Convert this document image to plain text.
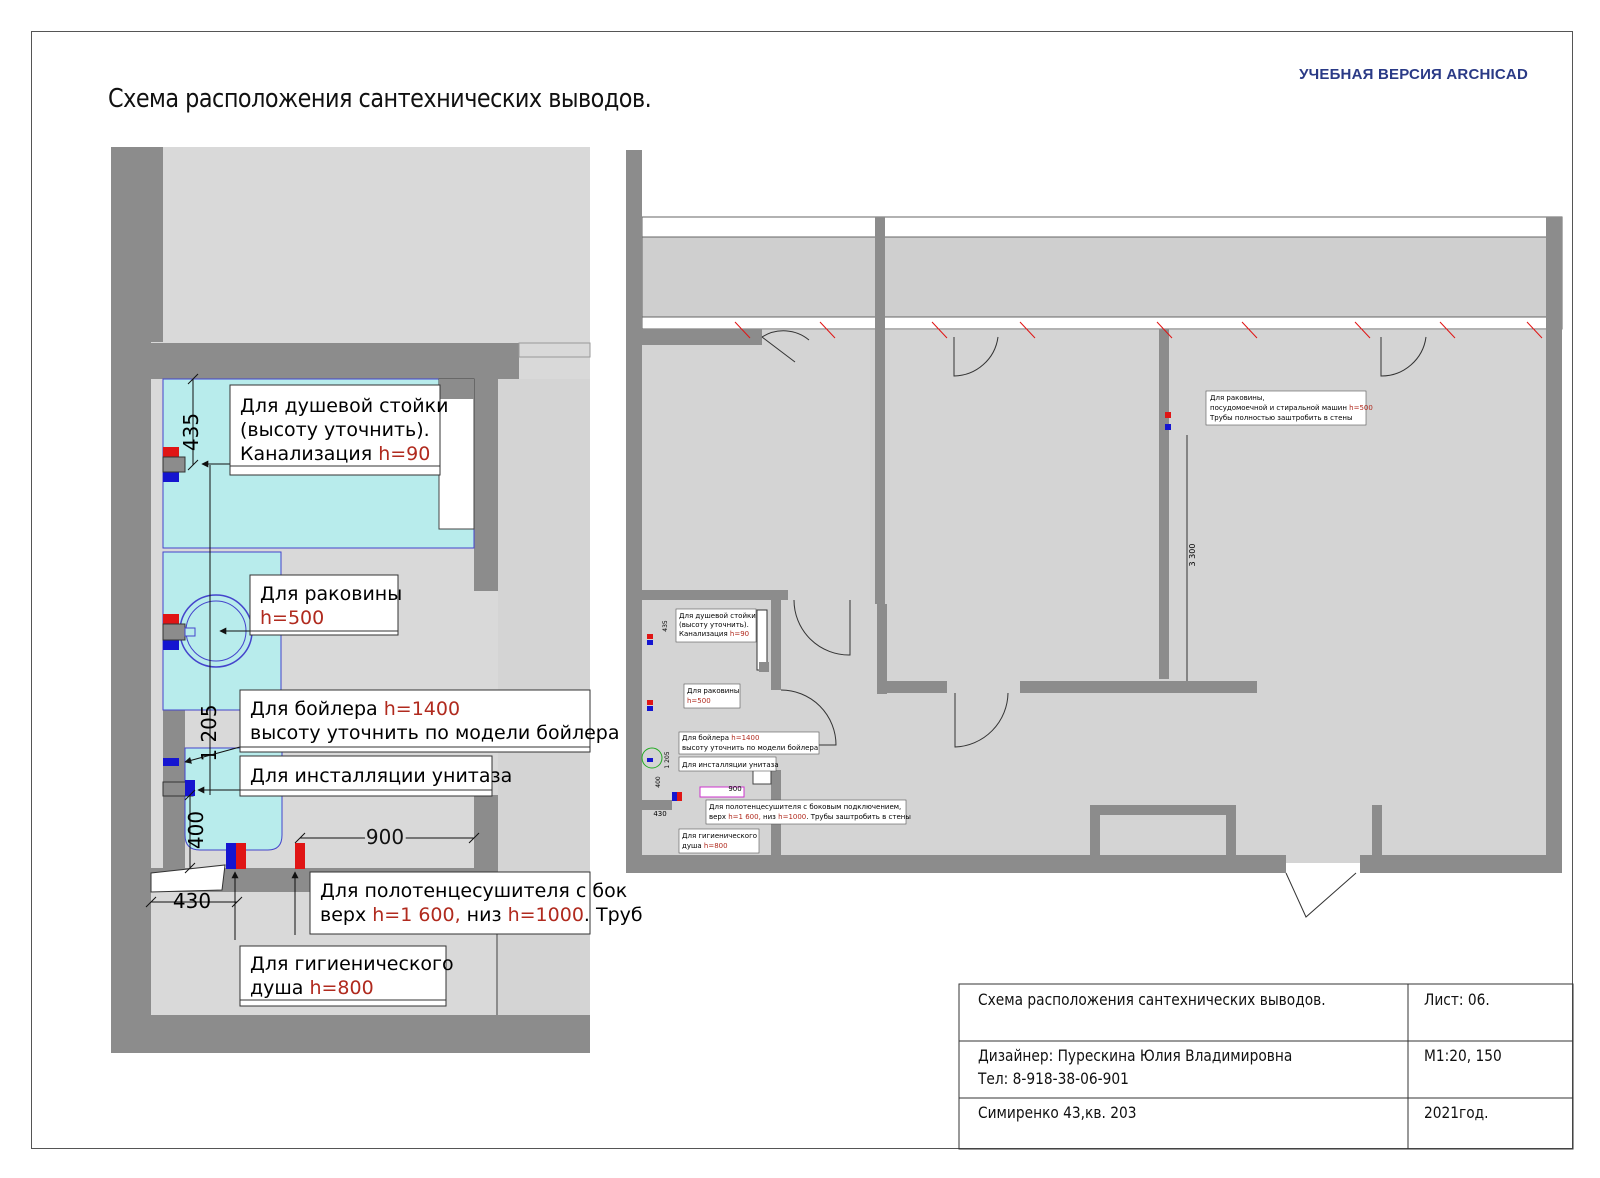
УЧЕБНАЯ ВЕРСИЯ ARCHICAD
Схема расположения сантехнических выводов.
435
1 205
400
430
900
Для душевой стойки
(высоту уточнить).
Канализация h=90
Для раковины
h=500
Для бойлера h=1400
высоту уточнить по модели бойлера
Для инсталляции унитаза
Для полотенцесушителя с бок
верх h=1 600, низ h=1000. Труб
Для гигиенического
душа h=800
3 300
435
1 205
400
900
430
Для раковины,
посудомоечной и стиральной машин h=500
Трубы полностью заштробить в стены
Для душевой стойки
(высоту уточнить).
Канализация h=90
Для раковины
h=500
Для бойлера h=1400
высоту уточнить по модели бойлера
Для инсталляции унитаза
Для полотенцесушителя с боковым подключением,
верх h=1 600, низ h=1000. Трубы заштробить в стены
Для гигиенического
душа h=800
Схема расположения сантехнических выводов.	Лист: 06.
Дизайнер: Пурескина Юлия Владимировна
Тел: 8-918-38-06-901
М1:20, 150
Симиренко 43,кв. 203	2021год.
